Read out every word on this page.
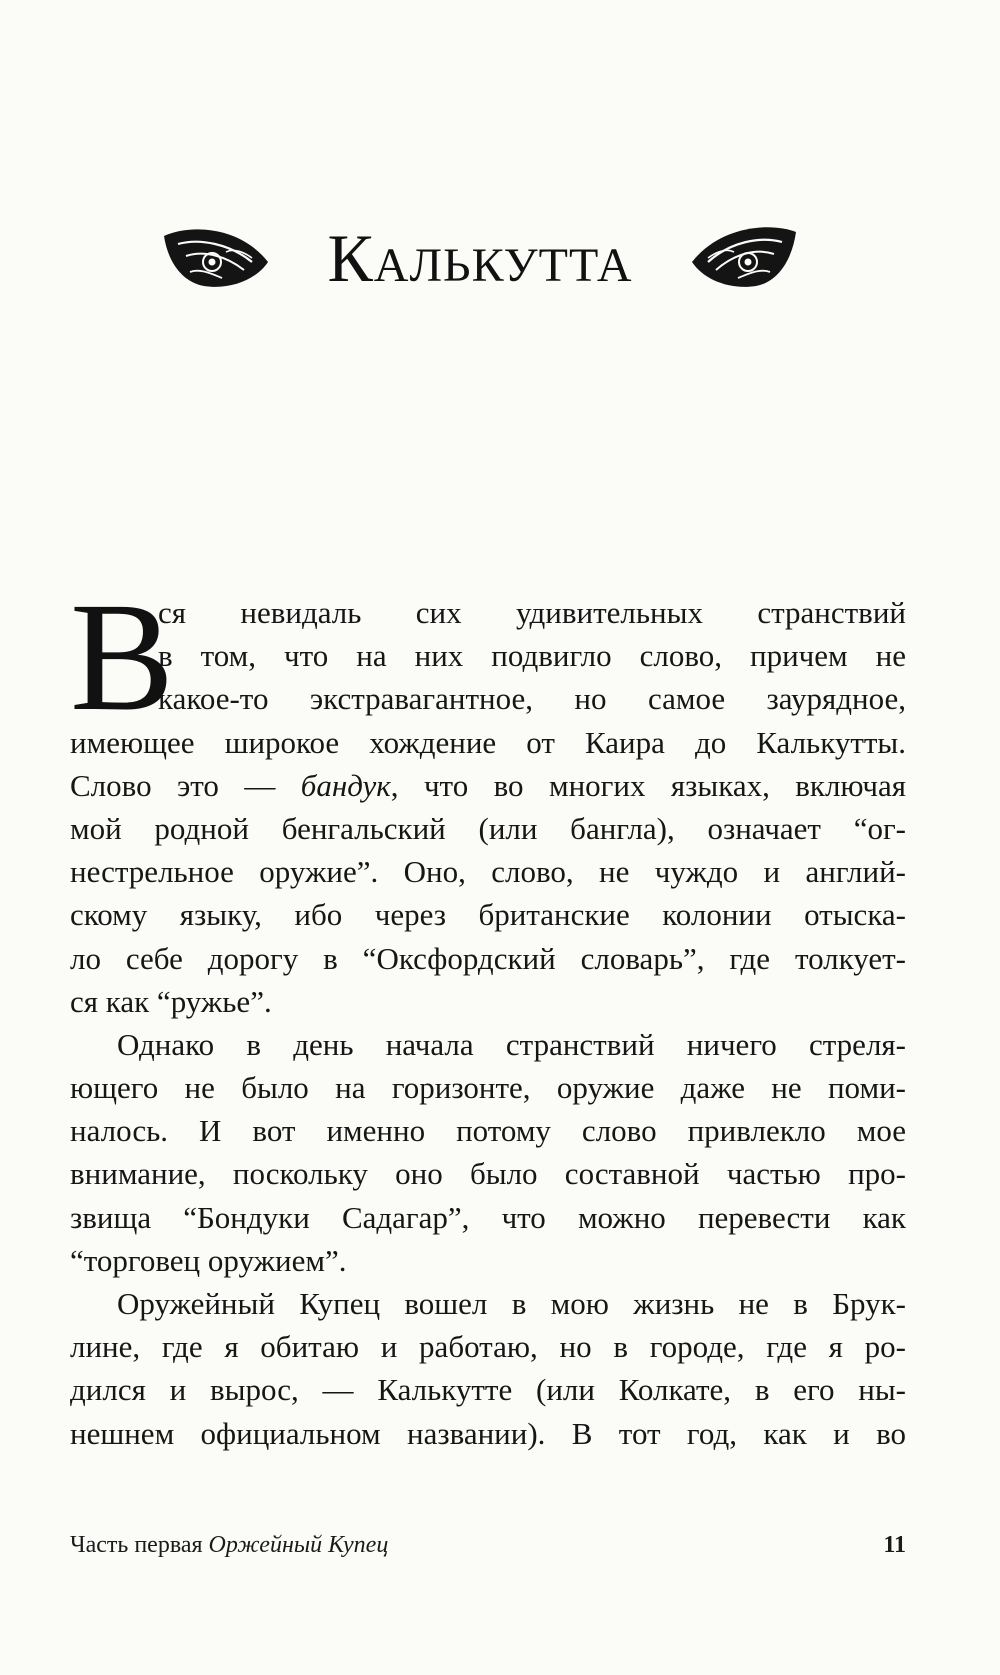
Калькутта
В
ся невидаль сих удивительных странствий
в том, что на них подвигло слово, причем не
какое-то экстравагантное, но самое заурядное,
имеющее широкое хождение от Каира до Калькутты.
Слово это — бандук, что во многих языках, включая
мой родной бенгальский (или бангла), означает “ог-
нестрельное оружие”. Оно, слово, не чуждо и англий-
скому языку, ибо через британские колонии отыска-
ло себе дорогу в “Оксфордский словарь”, где толкует-
ся как “ружье”.
Однако в день начала странствий ничего стреля-
ющего не было на горизонте, оружие даже не поми-
налось. И вот именно потому слово привлекло мое
внимание, поскольку оно было составной частью про-
звища “Бондуки Садагар”, что можно перевести как
“торговец оружием”.
Оружейный Купец вошел в мою жизнь не в Брук-
лине, где я обитаю и работаю, но в городе, где я ро-
дился и вырос, — Калькутте (или Колкате, в его ны-
нешнем официальном названии). В тот год, как и во
Часть первая Оржейный Купец	11
